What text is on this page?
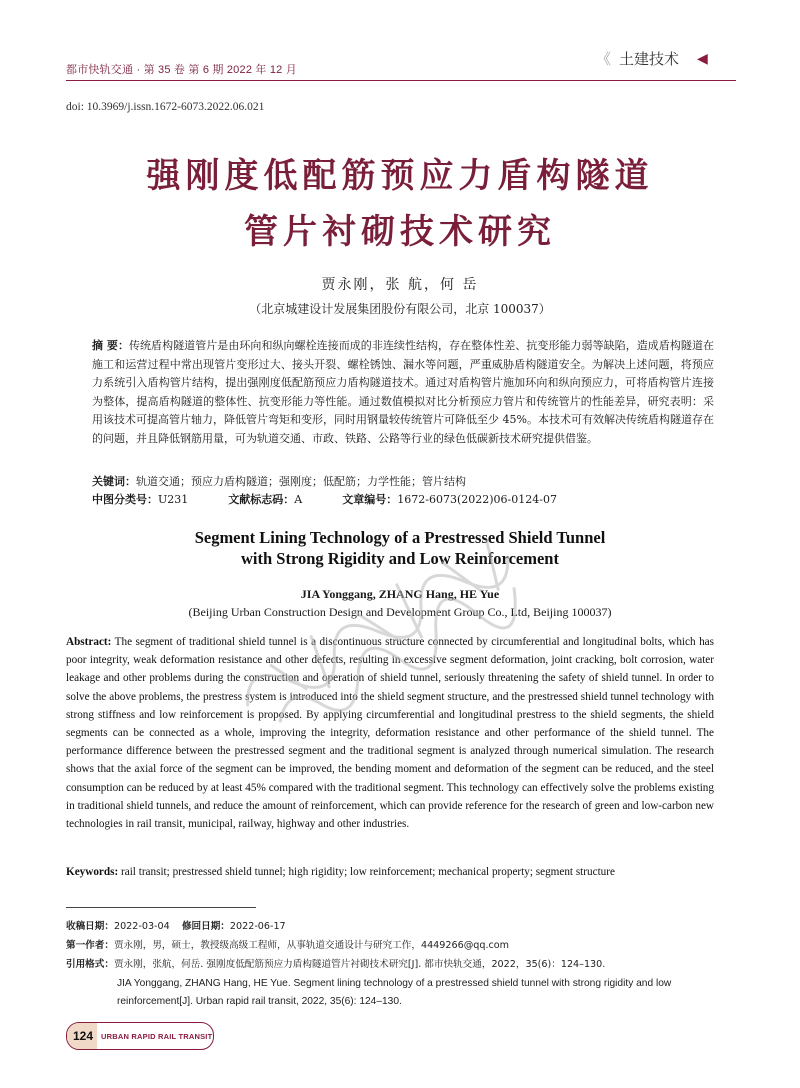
都市快轨交通 · 第 35 卷 第 6 期 2022 年 12 月
《 土建技术 ◀
doi: 10.3969/j.issn.1672-6073.2022.06.021
强刚度低配筋预应力盾构隧道
管片衬砌技术研究
贾永刚，张 航，何 岳
（北京城建设计发展集团股份有限公司，北京 100037）
摘 要：传统盾构隧道管片是由环向和纵向螺栓连接而成的非连续性结构，存在整体性差、抗变形能力弱等缺陷，造成盾构隧道在施工和运营过程中常出现管片变形过大、接头开裂、螺栓锈蚀、漏水等问题，严重威胁盾构隧道安全。为解决上述问题，将预应力系统引入盾构管片结构，提出强刚度低配筋预应力盾构隧道技术。通过对盾构管片施加环向和纵向预应力，可将盾构管片连接为整体，提高盾构隧道的整体性、抗变形能力等性能。通过数值模拟对比分析预应力管片和传统管片的性能差异，研究表明：采用该技术可提高管片轴力，降低管片弯矩和变形，同时用钢量较传统管片可降低至少 45%。本技术可有效解决传统盾构隧道存在的问题，并且降低钢筋用量，可为轨道交通、市政、铁路、公路等行业的绿色低碳新技术研究提供借鉴。
关键词：轨道交通；预应力盾构隧道；强刚度；低配筋；力学性能；管片结构
中图分类号：U231	文献标志码：A	文章编号：1672-6073(2022)06-0124-07
Segment Lining Technology of a Prestressed Shield Tunnel
with Strong Rigidity and Low Reinforcement
JIA Yonggang, ZHANG Hang, HE Yue
(Beijing Urban Construction Design and Development Group Co., Ltd, Beijing 100037)
Abstract: The segment of traditional shield tunnel is a discontinuous structure connected by circumferential and longitudinal bolts, which has poor integrity, weak deformation resistance and other defects, resulting in excessive segment deformation, joint cracking, bolt corrosion, water leakage and other problems during the construction and operation of shield tunnel, seriously threatening the safety of shield tunnel. In order to solve the above problems, the prestress system is introduced into the shield segment structure, and the prestressed shield tunnel technology with strong stiffness and low reinforcement is proposed. By applying circumferential and longitudinal prestress to the shield segments, the shield segments can be connected as a whole, improving the integrity, deformation resistance and other performance of the shield tunnel. The performance difference between the prestressed segment and the traditional segment is analyzed through numerical simulation. The research shows that the axial force of the segment can be improved, the bending moment and deformation of the segment can be reduced, and the steel consumption can be reduced by at least 45% compared with the traditional segment. This technology can effectively solve the problems existing in traditional shield tunnels, and reduce the amount of reinforcement, which can provide reference for the research of green and low-carbon new technologies in rail transit, municipal, railway, highway and other industries.
Keywords: rail transit; prestressed shield tunnel; high rigidity; low reinforcement; mechanical property; segment structure
收稿日期：2022-03-04 修回日期：2022-06-17
第一作者：贾永刚，男，硕士，教授级高级工程师，从事轨道交通设计与研究工作，4449266@qq.com
引用格式：贾永刚，张航，何岳. 强刚度低配筋预应力盾构隧道管片衬砌技术研究[J]. 都市快轨交通，2022，35(6)：124–130.
JIA Yonggang, ZHANG Hang, HE Yue. Segment lining technology of a prestressed shield tunnel with strong rigidity and low reinforcement[J]. Urban rapid rail transit, 2022, 35(6): 124–130.
124	URBAN RAPID RAIL TRANSIT
